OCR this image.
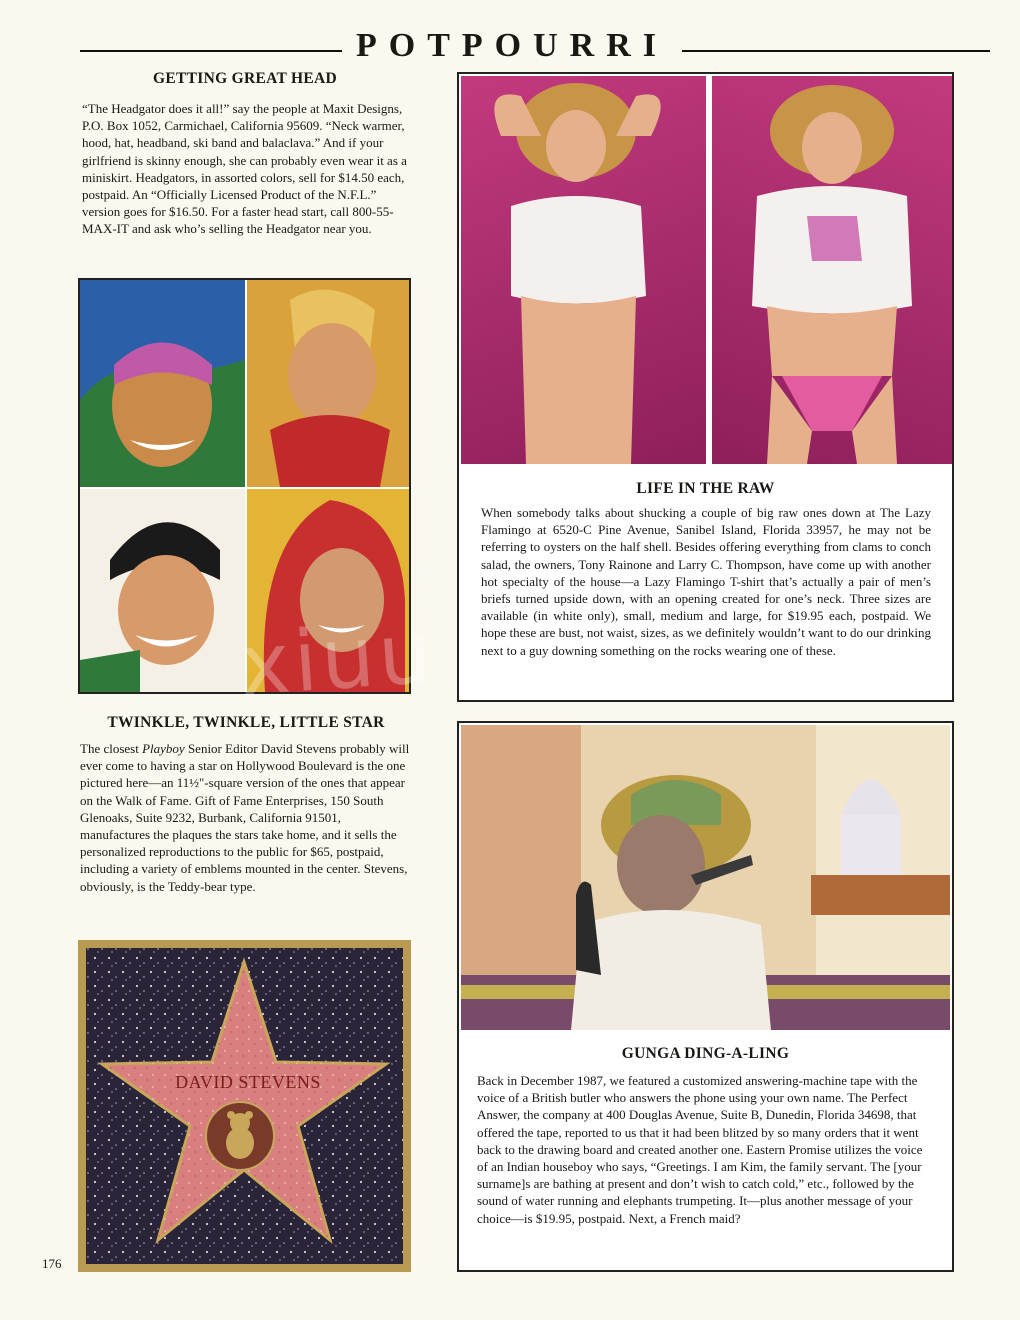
POTPOURRI
GETTING GREAT HEAD

“The Headgator does it all!” say the people at Maxit Designs, P.O. Box 1052, Carmichael, California 95609. “Neck warmer, hood, hat, headband, ski band and balaclava.” And if your girlfriend is skinny enough, she can probably even wear it as a miniskirt. Headgators, in assorted colors, sell for $14.50 each, postpaid. An “Officially Licensed Product of the N.F.L.” version goes for $16.50. For a faster head start, call 800-55-MAX-IT and ask who’s selling the Headgator near you.

xiuu
TWINKLE, TWINKLE, LITTLE STAR

The closest Playboy Senior Editor David Stevens probably will ever come to having a star on Hollywood Boulevard is the one pictured here—an 11½"-square version of the ones that appear on the Walk of Fame. Gift of Fame Enterprises, 150 South Glenoaks, Suite 9232, Burbank, California 91501, manufactures the plaques the stars take home, and it sells the personalized reproductions to the public for $65, postpaid, including a variety of emblems mounted in the center. Stevens, obviously, is the Teddy-bear type.

DAVID STEVENS
LIFE IN THE RAW

When somebody talks about shucking a couple of big raw ones down at The Lazy Flamingo at 6520-C Pine Avenue, Sanibel Island, Florida 33957, he may not be referring to oysters on the half shell. Besides offering everything from clams to conch salad, the owners, Tony Rainone and Larry C. Thompson, have come up with another hot specialty of the house—a Lazy Flamingo T-shirt that’s actually a pair of men’s briefs turned upside down, with an opening created for one’s neck. Three sizes are available (in white only), small, medium and large, for $19.95 each, postpaid. We hope these are bust, not waist, sizes, as we definitely wouldn’t want to do our drinking next to a guy downing something on the rocks wearing one of these.

GUNGA DING-A-LING

Back in December 1987, we featured a customized answering-machine tape with the voice of a British butler who answers the phone using your own name. The Perfect Answer, the company at 400 Douglas Avenue, Suite B, Dunedin, Florida 34698, that offered the tape, reported to us that it had been blitzed by so many orders that it went back to the drawing board and created another one. Eastern Promise utilizes the voice of an Indian houseboy who says, “Greetings. I am Kim, the family servant. The [your surname]s are bathing at present and don’t wish to catch cold,” etc., followed by the sound of water running and elephants trumpeting. It—plus another message of your choice—is $19.95, postpaid. Next, a French maid?

176
